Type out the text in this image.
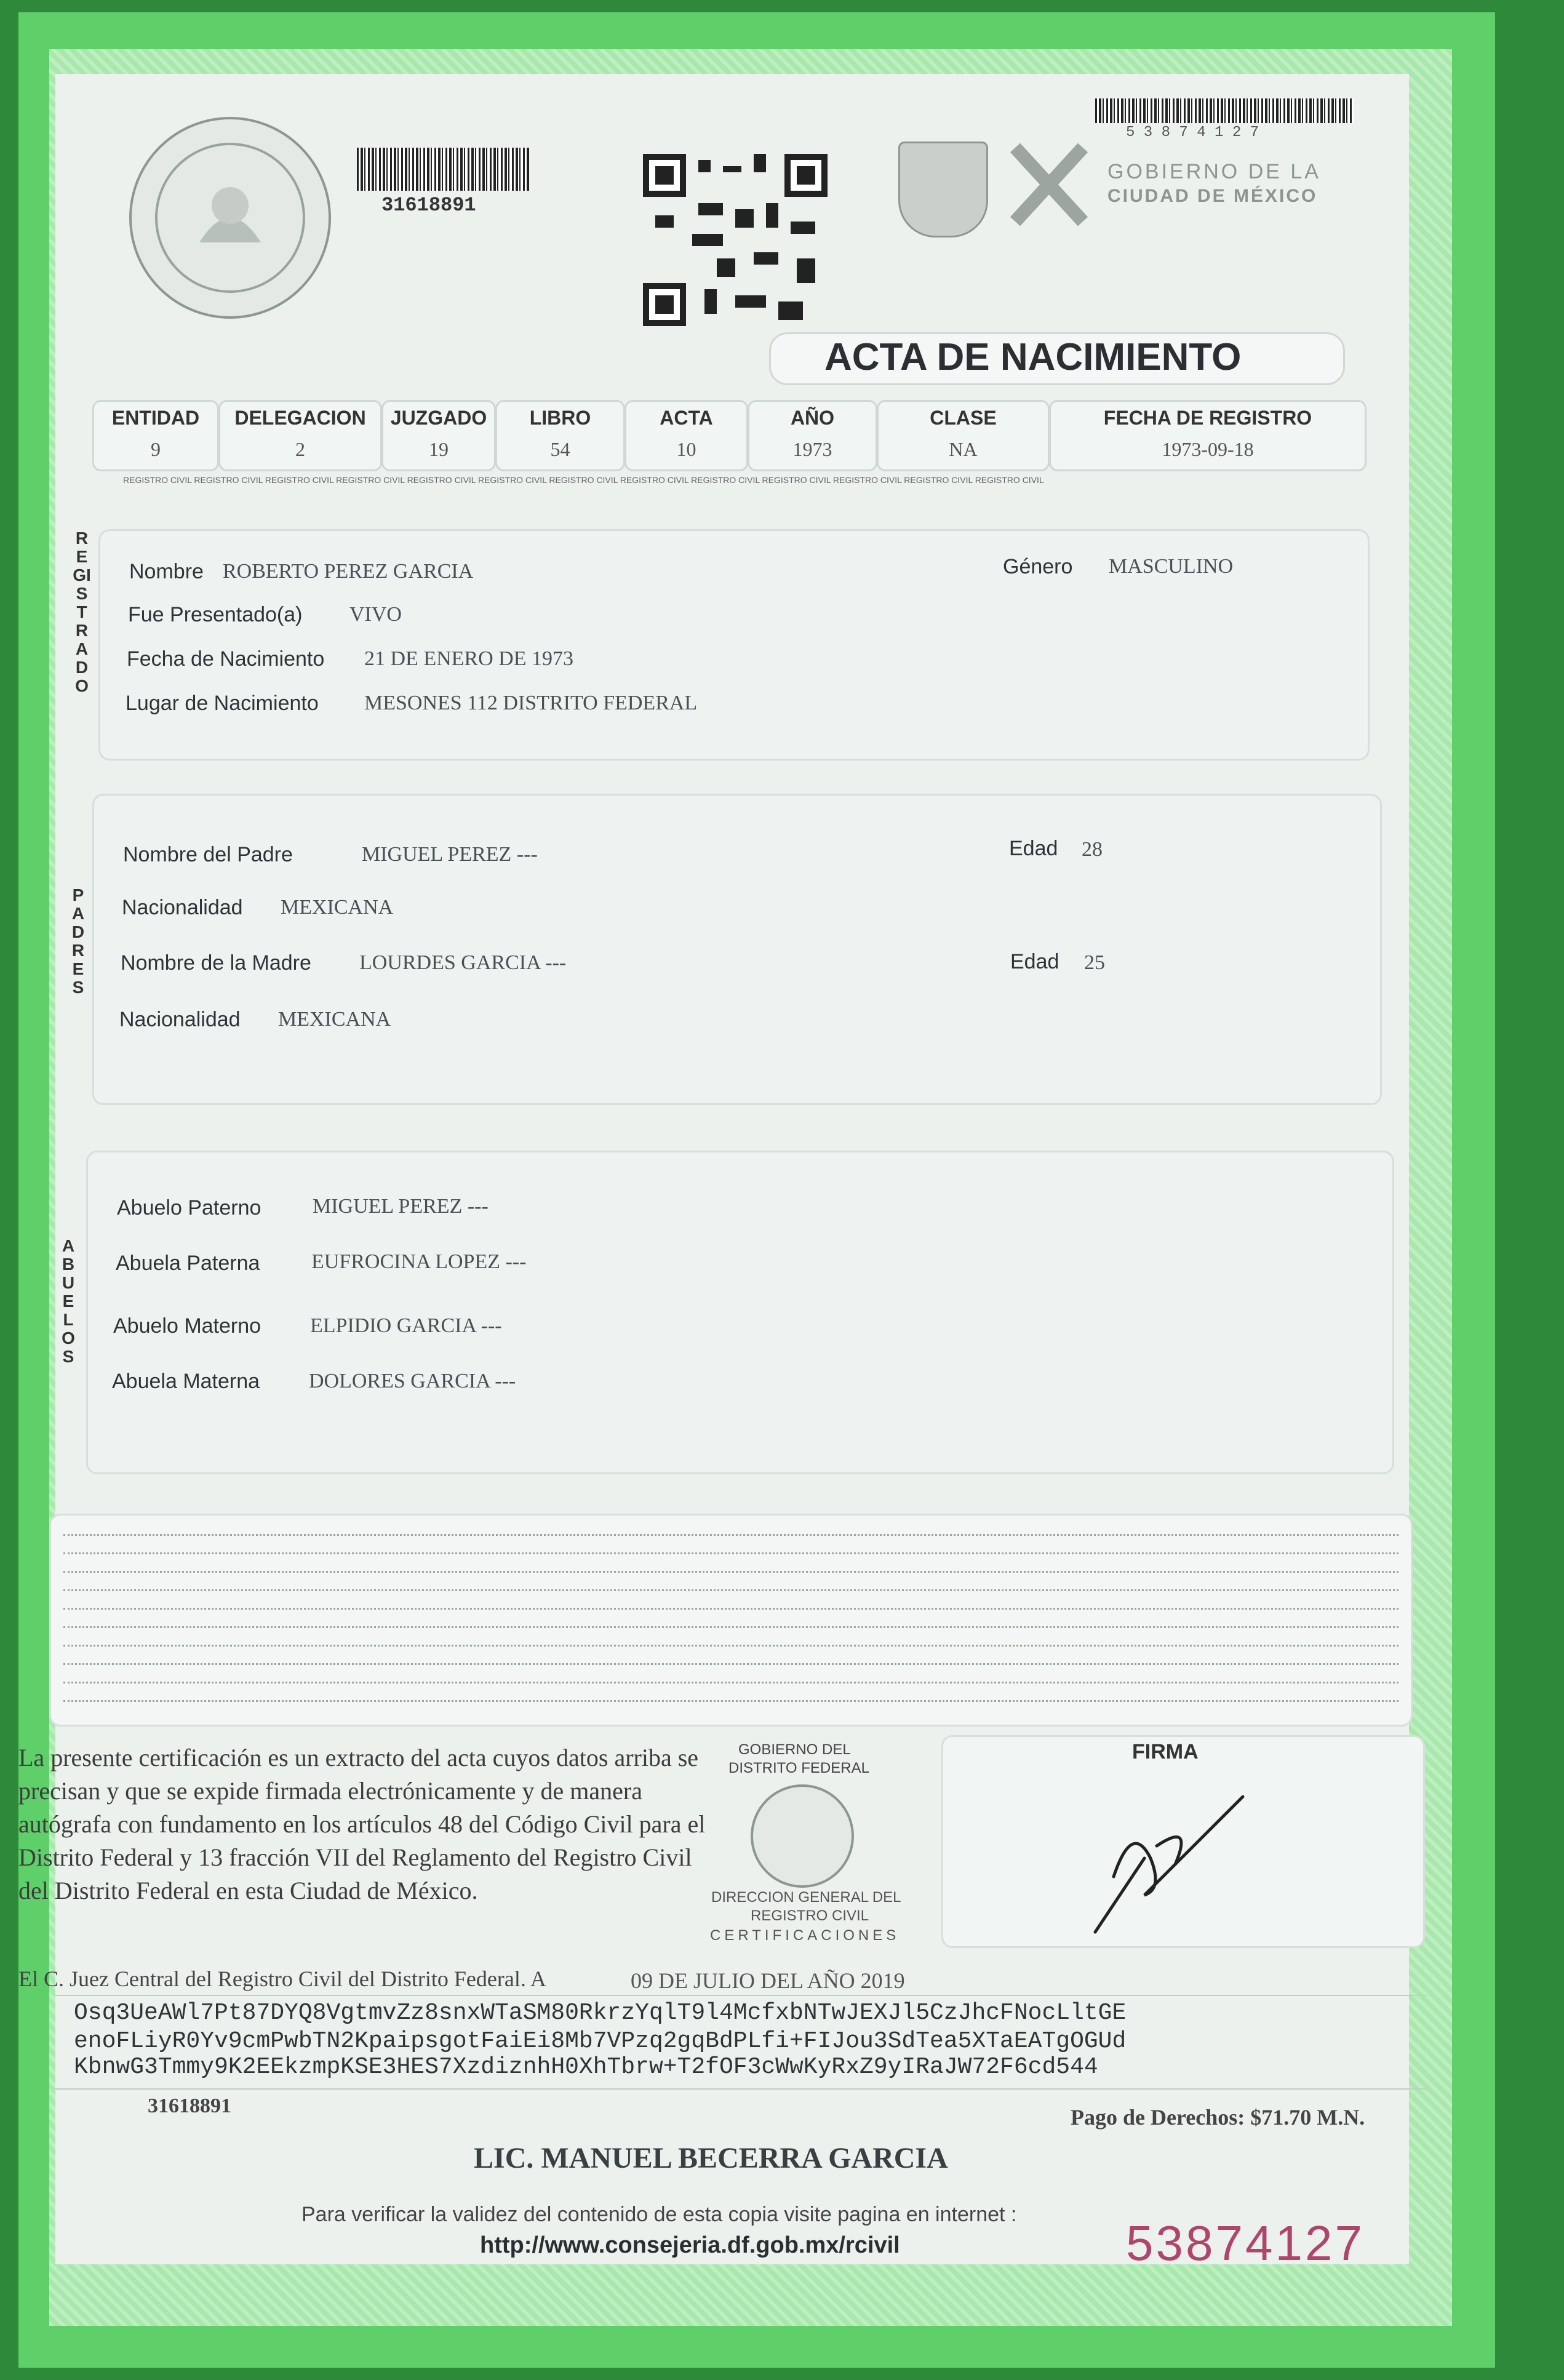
31618891
GOBIERNO DE LA
CIUDAD DE MÉXICO
5 3 8 7 4 1 2 7
ACTA DE NACIMIENTO
ENTIDAD
9
DELEGACION
2
JUZGADO
19
LIBRO
54
ACTA
10
AÑO
1973
CLASE
NA
FECHA DE REGISTRO
1973-09-18
REGISTRO CIVIL REGISTRO CIVIL REGISTRO CIVIL REGISTRO CIVIL REGISTRO CIVIL REGISTRO CIVIL REGISTRO CIVIL REGISTRO CIVIL REGISTRO CIVIL REGISTRO CIVIL REGISTRO CIVIL REGISTRO CIVIL REGISTRO CIVIL
REGISTRADO
Nombre ROBERTO PEREZ GARCIA	Género MASCULINO
Fue Presentado(a) VIVO
Fecha de Nacimiento 21 DE ENERO DE 1973
Lugar de Nacimiento MESONES 112 DISTRITO FEDERAL
PADRES
Nombre del Padre	MIGUEL PEREZ ---	Edad 28
Nacionalidad MEXICANA
Nombre de la Madre LOURDES GARCIA ---	Edad 25
Nacionalidad MEXICANA
ABUELOS
Abuelo Paterno MIGUEL PEREZ ---
Abuela Paterna EUFROCINA LOPEZ ---
Abuelo Materno ELPIDIO GARCIA ---
Abuela Materna DOLORES GARCIA ---
La presente certificación es un extracto del acta cuyos datos arriba se precisan y que se expide firmada electrónicamente y de manera autógrafa con fundamento en los artículos 48 del Código Civil para el Distrito Federal y 13 fracción VII del Reglamento del Registro Civil del Distrito Federal en esta Ciudad de México.
GOBIERNO DEL
DISTRITO FEDERAL
DIRECCION GENERAL DEL
REGISTRO CIVIL
CERTIFICACIONES
FIRMA
El C. Juez Central del Registro Civil del Distrito Federal. A	09 DE JULIO DEL AÑO 2019
Osq3UeAWl7Pt87DYQ8VgtmvZz8snxWTaSM80RkrzYqlT9l4McfxbNTwJEXJl5CzJhcFNocLltGE
enoFLiyR0Yv9cmPwbTN2KpaipsgotFaiEi8Mb7VPzq2gqBdPLfi+FIJou3SdTea5XTaEATgOGUd
KbnwG3Tmmy9K2EEkzmpKSE3HES7XzdiznhH0XhTbrw+T2fOF3cWwKyRxZ9yIRaJW72F6cd544
31618891	Pago de Derechos: $71.70 M.N.
LIC. MANUEL BECERRA GARCIA
Para verificar la validez del contenido de esta copia visite pagina en internet :
http://www.consejeria.df.gob.mx/rcivil	53874127
